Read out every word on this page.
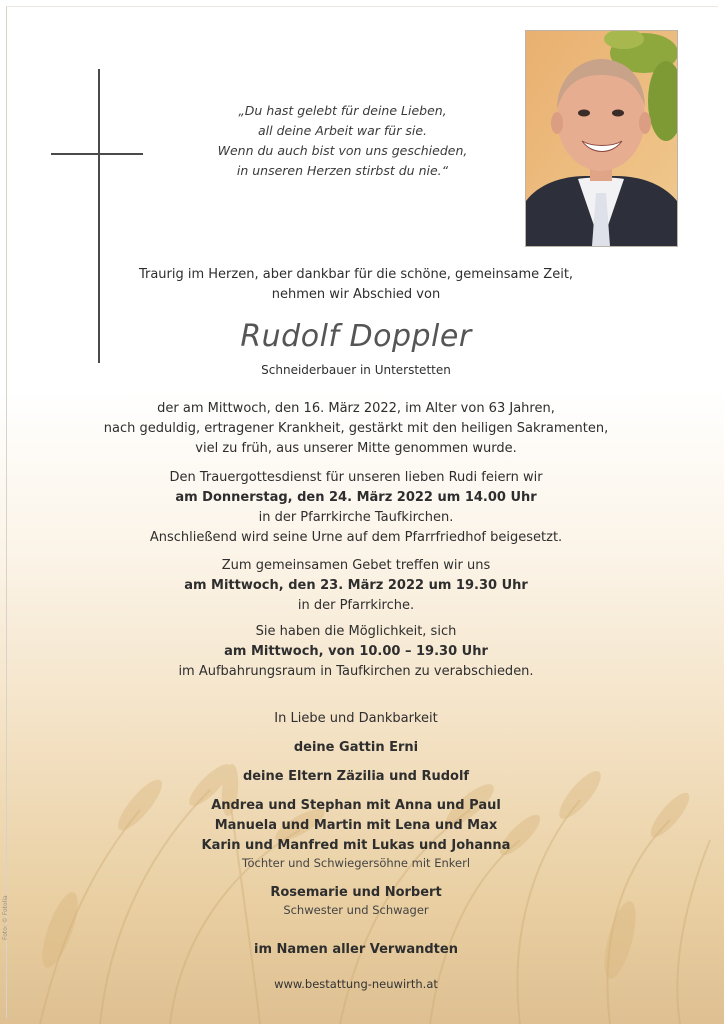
„Du hast gelebt für deine Lieben,
all deine Arbeit war für sie.
Wenn du auch bist von uns geschieden,
in unseren Herzen stirbst du nie.“
Traurig im Herzen, aber dankbar für die schöne, gemeinsame Zeit,
nehmen wir Abschied von
Rudolf Doppler
Schneiderbauer in Unterstetten
der am Mittwoch, den 16. März 2022, im Alter von 63 Jahren,
nach geduldig, ertragener Krankheit, gestärkt mit den heiligen Sakramenten,
viel zu früh, aus unserer Mitte genommen wurde.
Den Trauergottesdienst für unseren lieben Rudi feiern wir
am Donnerstag, den 24. März 2022 um 14.00 Uhr
in der Pfarrkirche Taufkirchen.
Anschließend wird seine Urne auf dem Pfarrfriedhof beigesetzt.
Zum gemeinsamen Gebet treffen wir uns
am Mittwoch, den 23. März 2022 um 19.30 Uhr
in der Pfarrkirche.
Sie haben die Möglichkeit, sich
am Mittwoch, von 10.00 – 19.30 Uhr
im Aufbahrungsraum in Taufkirchen zu verabschieden.
In Liebe und Dankbarkeit
deine Gattin Erni
deine Eltern Zäzilia und Rudolf
Andrea und Stephan mit Anna und Paul
Manuela und Martin mit Lena und Max
Karin und Manfred mit Lukas und Johanna
Töchter und Schwiegersöhne mit Enkerl
Rosemarie und Norbert
Schwester und Schwager
im Namen aller Verwandten
www.bestattung-neuwirth.at
Foto: © Fotolia
